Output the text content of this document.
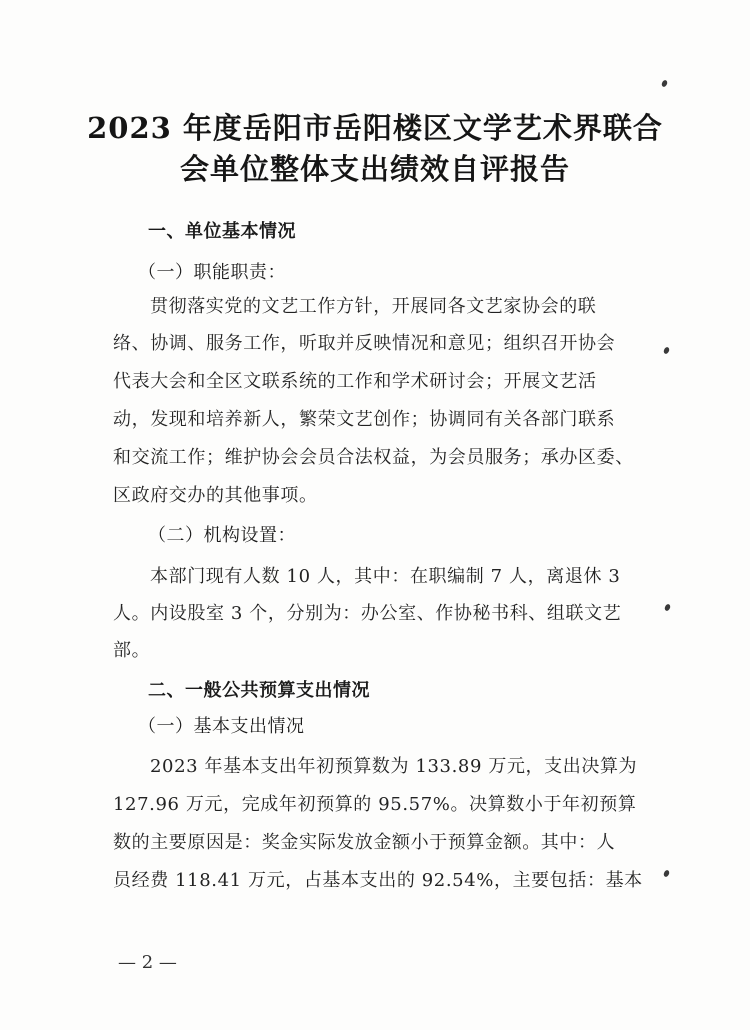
2023 年度岳阳市岳阳楼区文学艺术界联合
会单位整体支出绩效自评报告
一、单位基本情况
（一）职能职责：
贯彻落实党的文艺工作方针，开展同各文艺家协会的联
络、协调、服务工作，听取并反映情况和意见；组织召开协会
代表大会和全区文联系统的工作和学术研讨会；开展文艺活
动，发现和培养新人，繁荣文艺创作；协调同有关各部门联系
和交流工作；维护协会会员合法权益，为会员服务；承办区委、
区政府交办的其他事项。
（二）机构设置：
本部门现有人数 10 人，其中：在职编制 7 人，离退休 3
人。内设股室 3 个，分别为：办公室、作协秘书科、组联文艺
部。
二、一般公共预算支出情况
（一）基本支出情况
2023 年基本支出年初预算数为 133.89 万元，支出决算为
127.96 万元，完成年初预算的 95.57%。决算数小于年初预算
数的主要原因是：奖金实际发放金额小于预算金额。其中：人
员经费 118.41 万元，占基本支出的 92.54%，主要包括：基本
— 2 —
